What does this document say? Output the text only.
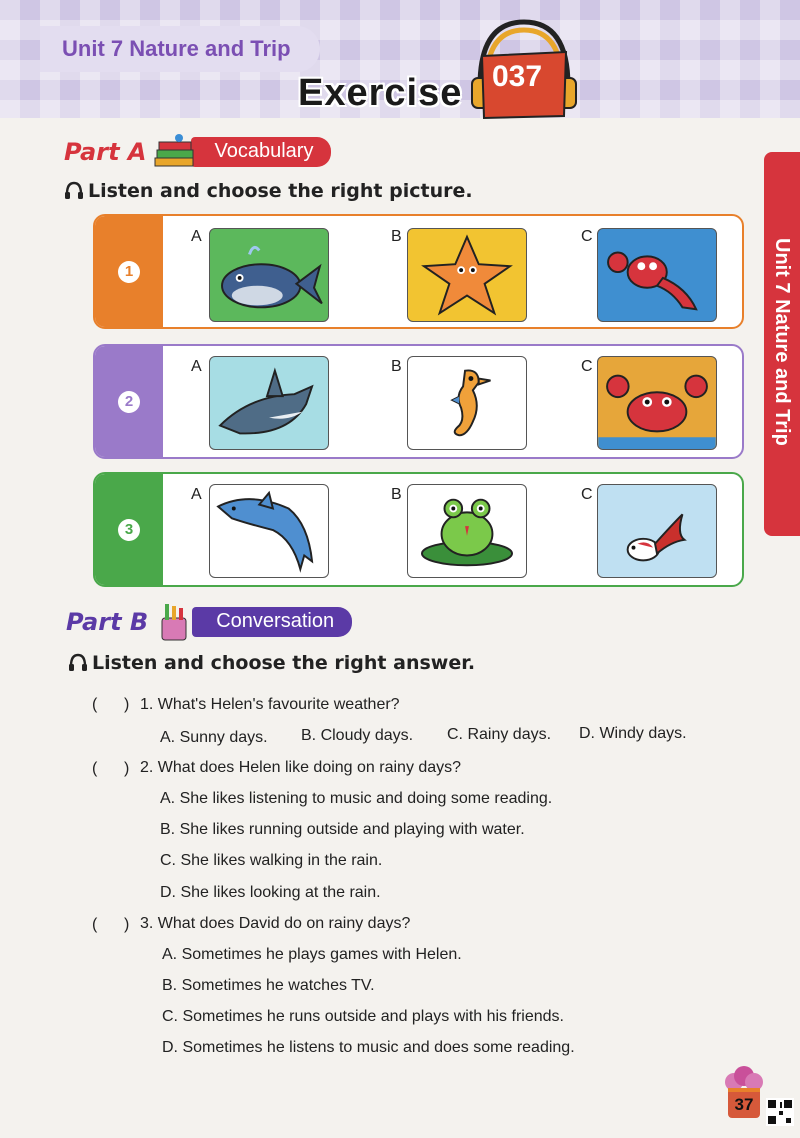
Unit 7 Nature and Trip
037
Exercise
Unit 7 Nature and Trip
Part A	Vocabulary
Listen and choose the right picture.
1
A	B	C
2
A	B	C
3
A	B	C
Part B	Conversation
Listen and choose the right answer.
(      ) 1. What's Helen's favourite weather?
A. Sunny days. B. Cloudy days. C. Rainy days. D. Windy days.
(      ) 2. What does Helen like doing on rainy days?
A. She likes listening to music and doing some reading.
B. She likes running outside and playing with water.
C. She likes walking in the rain.
D. She likes looking at the rain.
(      ) 3. What does David do on rainy days?
A. Sometimes he plays games with Helen.
B. Sometimes he watches TV.
C. Sometimes he runs outside and plays with his friends.
D. Sometimes he listens to music and does some reading.
37
